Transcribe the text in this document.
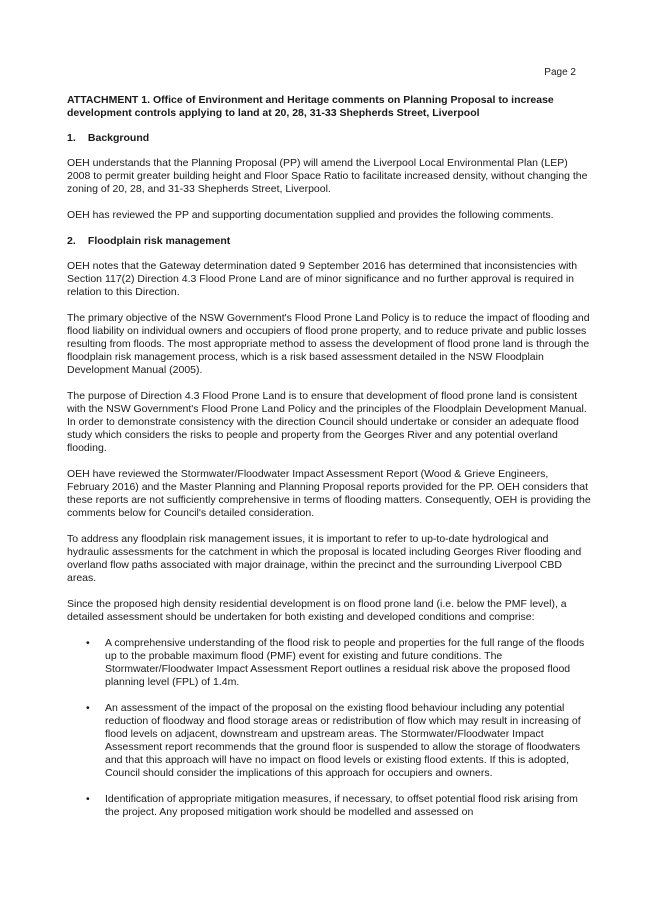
Page 2
ATTACHMENT 1. Office of Environment and Heritage comments on Planning Proposal to increase development controls applying to land at 20, 28, 31-33 Shepherds Street, Liverpool
1. Background

OEH understands that the Planning Proposal (PP) will amend the Liverpool Local Environmental Plan (LEP) 2008 to permit greater building height and Floor Space Ratio to facilitate increased density, without changing the zoning of 20, 28, and 31-33 Shepherds Street, Liverpool.

OEH has reviewed the PP and supporting documentation supplied and provides the following comments.

2. Floodplain risk management

OEH notes that the Gateway determination dated 9 September 2016 has determined that inconsistencies with Section 117(2) Direction 4.3 Flood Prone Land are of minor significance and no further approval is required in relation to this Direction.

The primary objective of the NSW Government's Flood Prone Land Policy is to reduce the impact of flooding and flood liability on individual owners and occupiers of flood prone property, and to reduce private and public losses resulting from floods. The most appropriate method to assess the development of flood prone land is through the floodplain risk management process, which is a risk based assessment detailed in the NSW Floodplain Development Manual (2005).

The purpose of Direction 4.3 Flood Prone Land is to ensure that development of flood prone land is consistent with the NSW Government's Flood Prone Land Policy and the principles of the Floodplain Development Manual. In order to demonstrate consistency with the direction Council should undertake or consider an adequate flood study which considers the risks to people and property from the Georges River and any potential overland flooding.

OEH have reviewed the Stormwater/Floodwater Impact Assessment Report (Wood & Grieve Engineers, February 2016) and the Master Planning and Planning Proposal reports provided for the PP. OEH considers that these reports are not sufficiently comprehensive in terms of flooding matters. Consequently, OEH is providing the comments below for Council's detailed consideration.

To address any floodplain risk management issues, it is important to refer to up-to-date hydrological and hydraulic assessments for the catchment in which the proposal is located including Georges River flooding and overland flow paths associated with major drainage, within the precinct and the surrounding Liverpool CBD areas.

Since the proposed high density residential development is on flood prone land (i.e. below the PMF level), a detailed assessment should be undertaken for both existing and developed conditions and comprise:

• A comprehensive understanding of the flood risk to people and properties for the full range of the floods up to the probable maximum flood (PMF) event for existing and future conditions. The Stormwater/Floodwater Impact Assessment Report outlines a residual risk above the proposed flood planning level (FPL) of 1.4m.
• An assessment of the impact of the proposal on the existing flood behaviour including any potential reduction of floodway and flood storage areas or redistribution of flow which may result in increasing of flood levels on adjacent, downstream and upstream areas. The Stormwater/Floodwater Impact Assessment report recommends that the ground floor is suspended to allow the storage of floodwaters and that this approach will have no impact on flood levels or existing flood extents. If this is adopted, Council should consider the implications of this approach for occupiers and owners.
• Identification of appropriate mitigation measures, if necessary, to offset potential flood risk arising from the project. Any proposed mitigation work should be modelled and assessed on
